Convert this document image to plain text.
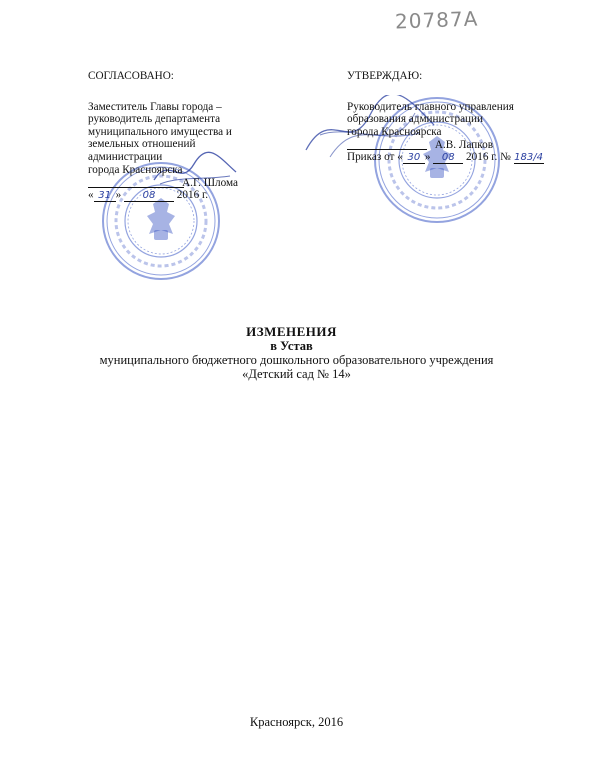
20787А
СОГЛАСОВАНО:
Заместитель Главы города –
руководитель департамента
муниципального имущества и
земельных отношений
администрации
города Красноярска
А.Г. Шлома
« 31 » 08 2016 г.
УТВЕРЖДАЮ:
Руководитель главного управления
образования администрации
города Красноярска
А.В. Лапков
Приказ от « 30 » 08 2016 г. № 183/4
ИЗМЕНЕНИЯ
в Устав
муниципального бюджетного дошкольного образовательного учреждения
«Детский сад № 14»
Красноярск, 2016
